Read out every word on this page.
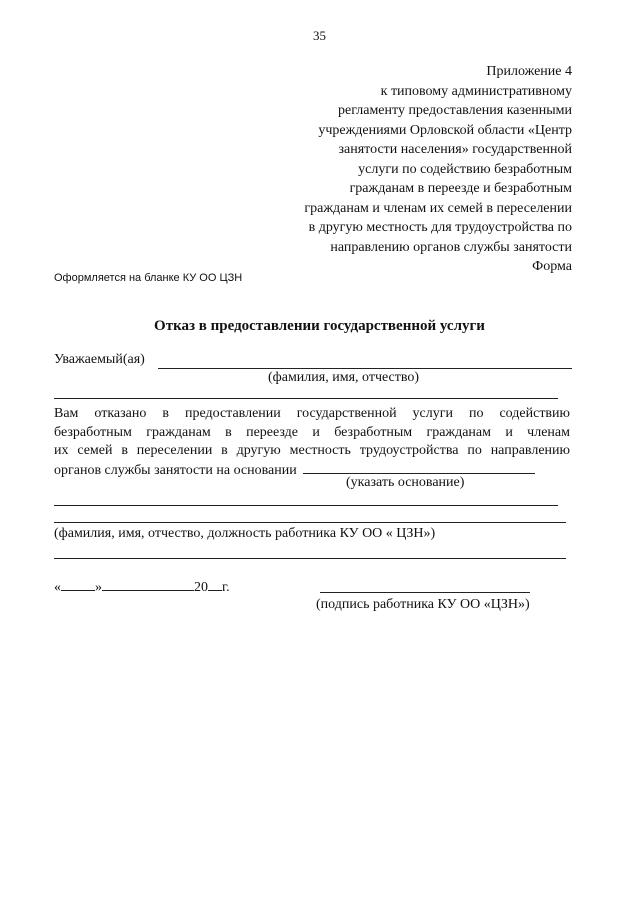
35
Приложение 4
к типовому административному
регламенту предоставления казенными
учреждениями Орловской области «Центр
занятости населения» государственной
услуги по содействию безработным
гражданам в переезде и безработным
гражданам и членам их семей в переселении
в другую местность для трудоустройства по
направлению органов службы занятости
Форма
Оформляется на бланке КУ ОО ЦЗН
Отказ в предоставлении государственной услуги
Уважаемый(ая)
(фамилия, имя, отчество)
Вам отказано в предоставлении государственной услуги по содействию
безработным гражданам в переезде и безработным гражданам и членам
их семей в переселении в другую местность трудоустройства по направлению
органов службы занятости на основании
(указать основание)
(фамилия, имя, отчество, должность работника КУ ОО « ЦЗН»)
« »	20 г.
(подпись работника КУ ОО «ЦЗН»)
